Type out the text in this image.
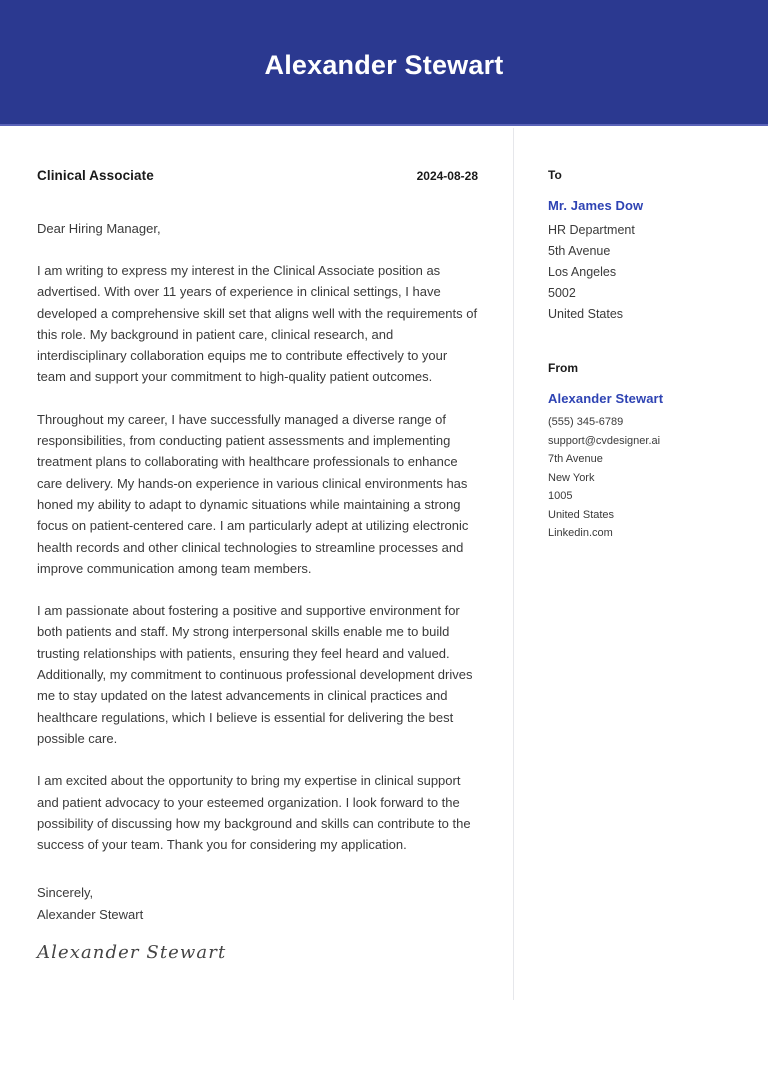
Alexander Stewart
Clinical Associate	2024-08-28
Dear Hiring Manager,
I am writing to express my interest in the Clinical Associate position as advertised. With over 11 years of experience in clinical settings, I have developed a comprehensive skill set that aligns well with the requirements of this role. My background in patient care, clinical research, and interdisciplinary collaboration equips me to contribute effectively to your team and support your commitment to high-quality patient outcomes.
Throughout my career, I have successfully managed a diverse range of responsibilities, from conducting patient assessments and implementing treatment plans to collaborating with healthcare professionals to enhance care delivery. My hands-on experience in various clinical environments has honed my ability to adapt to dynamic situations while maintaining a strong focus on patient-centered care. I am particularly adept at utilizing electronic health records and other clinical technologies to streamline processes and improve communication among team members.
I am passionate about fostering a positive and supportive environment for both patients and staff. My strong interpersonal skills enable me to build trusting relationships with patients, ensuring they feel heard and valued. Additionally, my commitment to continuous professional development drives me to stay updated on the latest advancements in clinical practices and healthcare regulations, which I believe is essential for delivering the best possible care.
I am excited about the opportunity to bring my expertise in clinical support and patient advocacy to your esteemed organization. I look forward to the possibility of discussing how my background and skills can contribute to the success of your team. Thank you for considering my application.
Sincerely,
Alexander Stewart
Alexander Stewart
To
Mr. James Dow
HR Department
5th Avenue
Los Angeles
5002
United States
From
Alexander Stewart
(555) 345-6789
support@cvdesigner.ai
7th Avenue
New York
1005
United States
Linkedin.com
